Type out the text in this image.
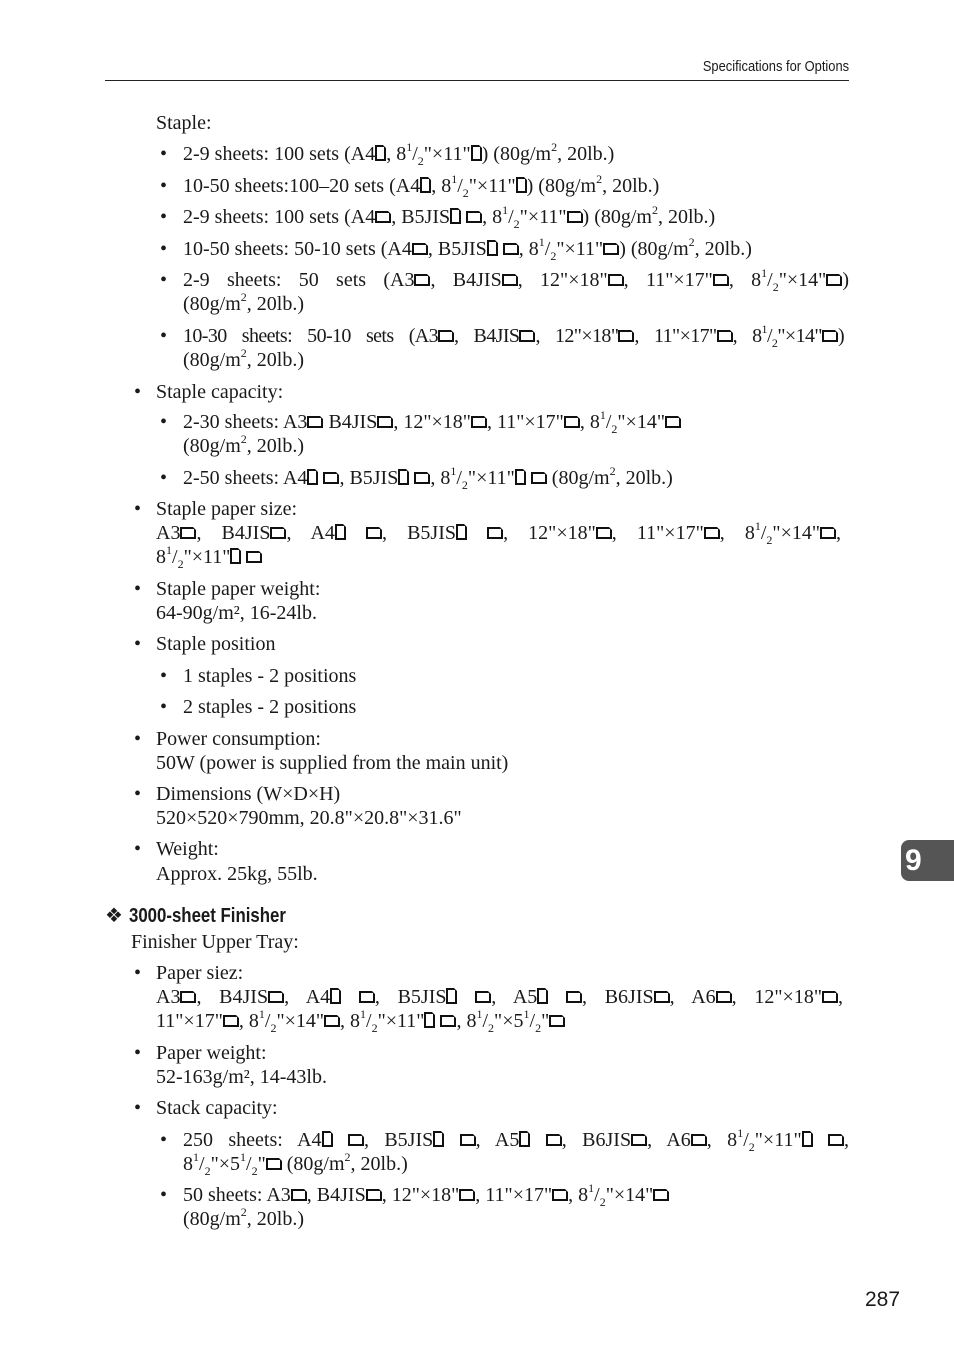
Specifications for Options
Staple:
• 2-9 sheets: 100 sets (A4 , $8^1/_2"\times 11$" ) ($80g/m^2$, 20lb.)
• 10-50 sheets:100–20 sets (A4 , $8^1/_2"\times 11$" ) ($80g/m^2$, 20lb.)
• 2-9 sheets: 100 sets (A4 , B5JIS , $8^1/_2"\times 11$" ) ($80g/m^2$, 20lb.)
• 10-50 sheets: 50-10 sets (A4 , B5JIS , $8^1/_2"\times 11$" ) ($80g/m^2$, 20lb.)
• 2-9 sheets: 50 sets (A3 , B4JIS , 12"×18" , 11"×17" , $8^1/_2"\times 14$" )
($80g/m^2$, 20lb.)
• 10-30 sheets: 50-10 sets (A3 , B4JIS , 12"×18" , 11"×17" , $8^1/_2"\times 14$" )
($80g/m^2$, 20lb.)
• Staple capacity:
• 2-30 sheets: A3 B4JIS , 12"×18" , 11"×17" , $8^1/_2"\times 14$"
($80g/m^2$, 20lb.)
• 2-50 sheets: A4 , B5JIS , $8^1/_2"\times 11$"  ($80g/m^2$, 20lb.)
• Staple paper size:
A3 , B4JIS , A4 , B5JIS , 12"×18" , 11"×17" , $8^1/_2"\times 14$" ,
$8^1/_2"\times 11$"
• Staple paper weight:
64-90g/m², 16-24lb.
• Staple position
• 1 staples - 2 positions
• 2 staples - 2 positions
• Power consumption:
50W (power is supplied from the main unit)
• Dimensions (W×D×H)
520×520×790mm, 20.8"×20.8"×31.6"
• Weight:
Approx. 25kg, 55lb.
❖ 3000-sheet Finisher
Finisher Upper Tray:
• Paper siez:
A3 , B4JIS , A4 , B5JIS , A5 , B6JIS , A6 , 12"×18" ,
11"×17" , $8^1/_2"\times 14$" , $8^1/_2"\times 11$" , $8^1/_2"\times 5^1/_2$"
• Paper weight:
52-163g/m², 14-43lb.
• Stack capacity:
• 250 sheets: A4 , B5JIS , A5 , B6JIS , A6 , $8^1/_2"\times 11$" ,
$8^1/_2"\times 5^1/_2$" ($80g/m^2$, 20lb.)
• 50 sheets: A3 , B4JIS , 12"×18" , 11"×17" , $8^1/_2"\times 14$"
($80g/m^2$, 20lb.)
9
287
